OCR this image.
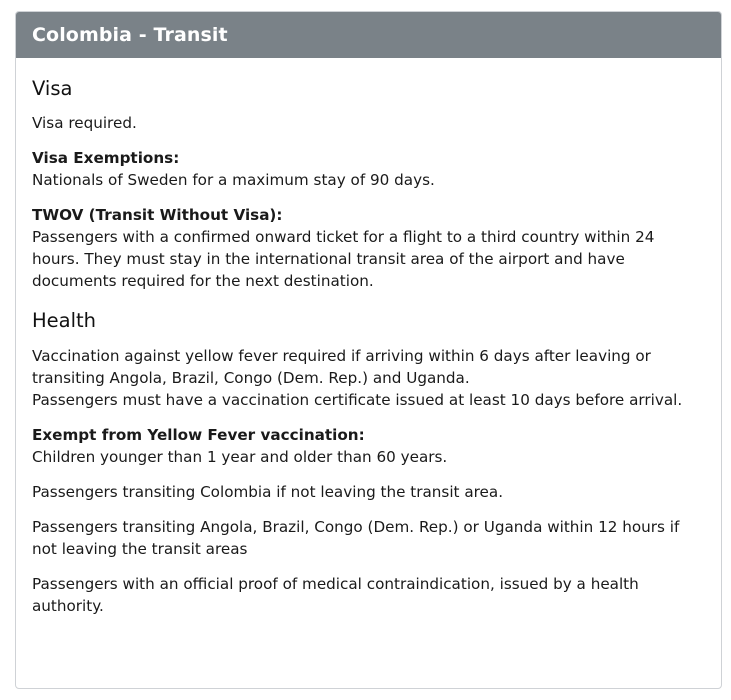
Colombia - Transit
Visa

Visa required.

Visa Exemptions:
Nationals of Sweden for a maximum stay of 90 days.

TWOV (Transit Without Visa):
Passengers with a confirmed onward ticket for a flight to a third country within 24 hours. They must stay in the international transit area of the airport and have documents required for the next destination.

Health

Vaccination against yellow fever required if arriving within 6 days after leaving or transiting Angola, Brazil, Congo (Dem. Rep.) and Uganda.
Passengers must have a vaccination certificate issued at least 10 days before arrival.

Exempt from Yellow Fever vaccination:
Children younger than 1 year and older than 60 years.

Passengers transiting Colombia if not leaving the transit area.

Passengers transiting Angola, Brazil, Congo (Dem. Rep.) or Uganda within 12 hours if not leaving the transit areas

Passengers with an official proof of medical contraindication, issued by a health authority.
